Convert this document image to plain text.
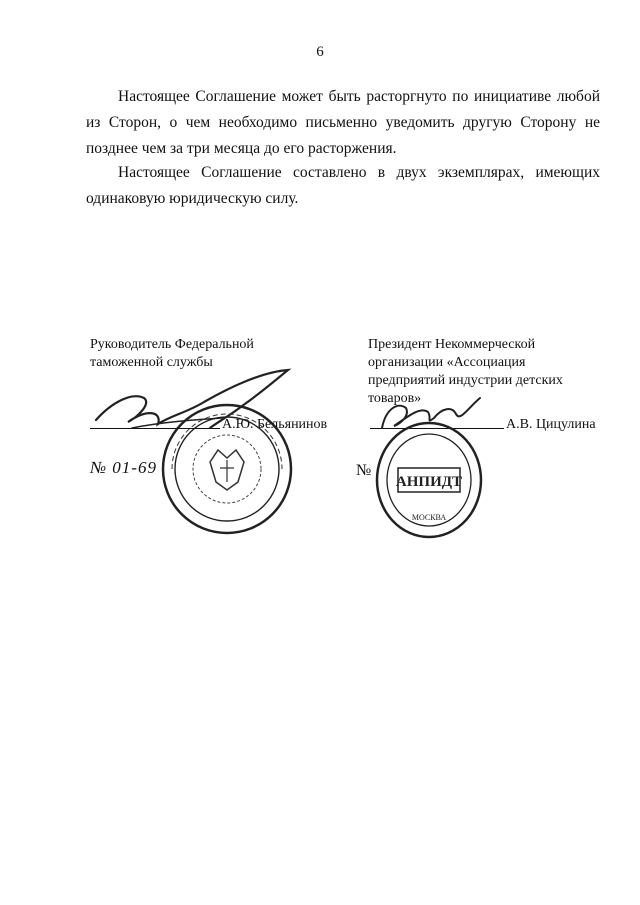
6

Настоящее Соглашение может быть расторгнуто по инициативе любой из Сторон, о чем необходимо письменно уведомить другую Сторону не позднее чем за три месяца до его расторжения.

Настоящее Соглашение составлено в двух экземплярах, имеющих одинаковую юридическую силу.

Руководитель Федеральной таможенной службы
Президент Некоммерческой организации «Ассоциация предприятий индустрии детских товаров»
А.Ю. Бельянинов	А.В. Цицулина
№ 01-69	№
АНПИДТ
МОСКВА
